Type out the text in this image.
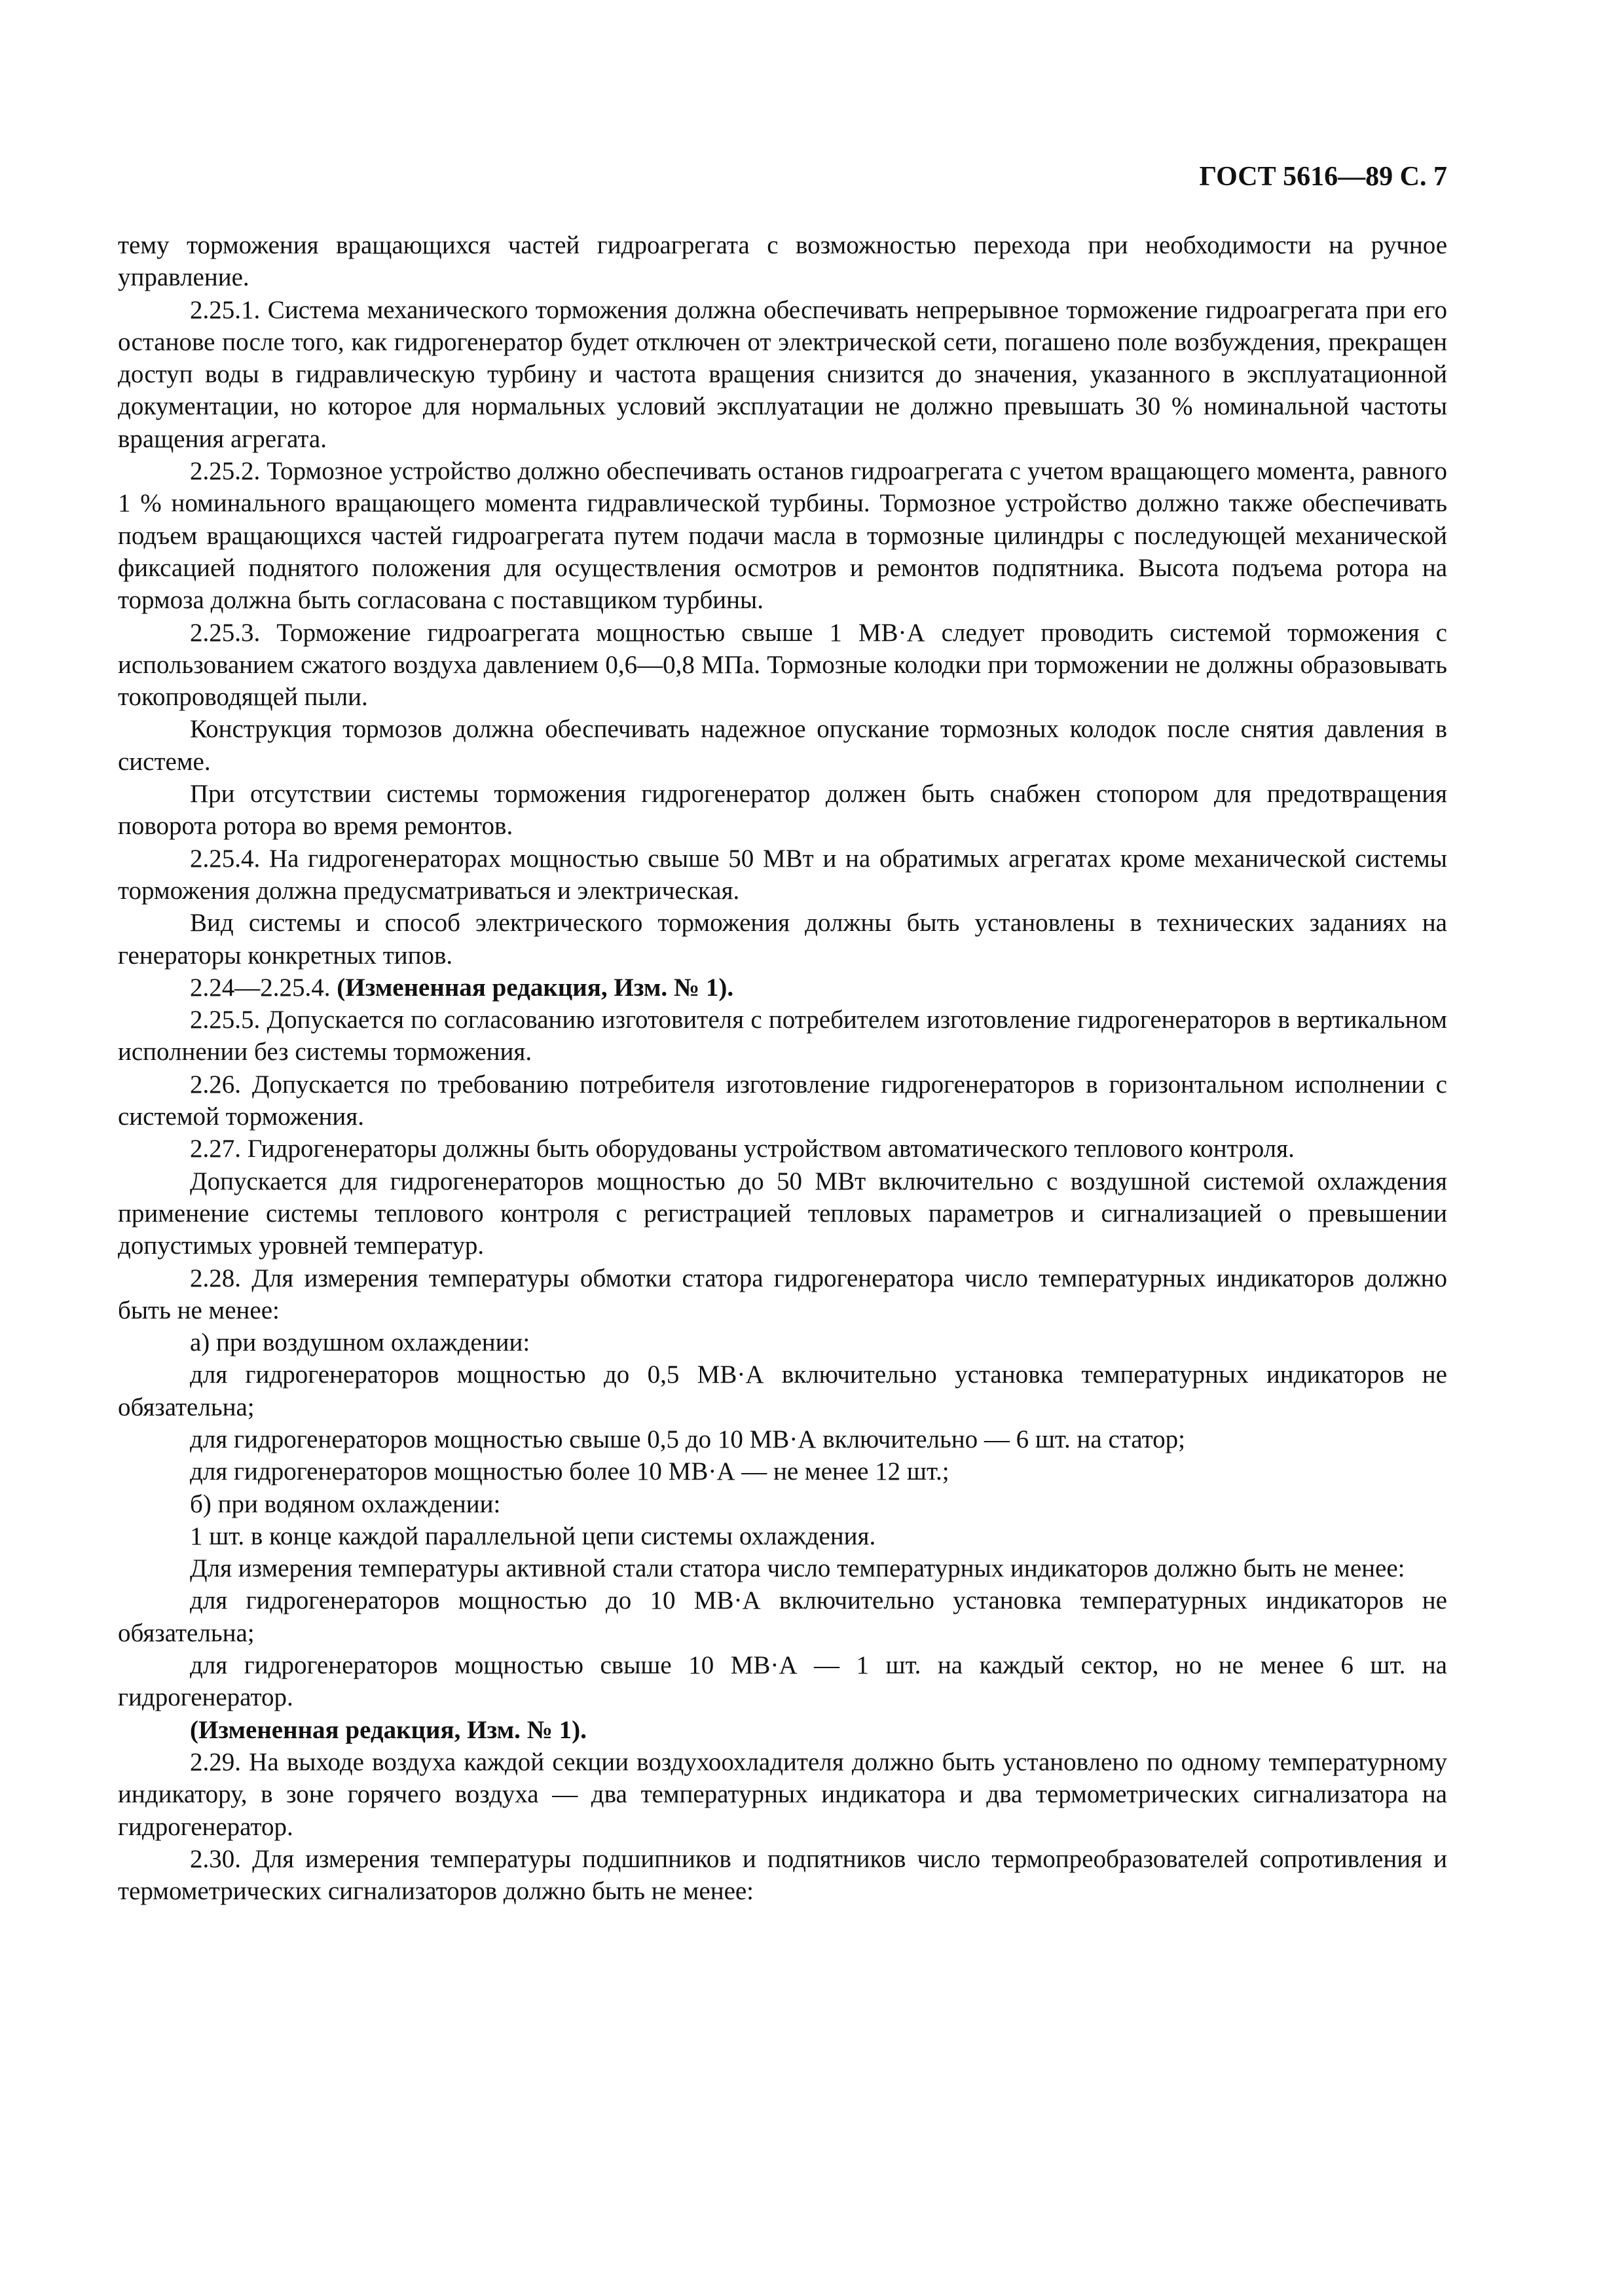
ГОСТ 5616—89 С. 7

тему торможения вращающихся частей гидроагрегата с возможностью перехода при необходимости на ручное управление.

2.25.1. Система механического торможения должна обеспечивать непрерывное торможение гидроагрегата при его останове после того, как гидрогенератор будет отключен от электрической сети, погашено поле возбуждения, прекращен доступ воды в гидравлическую турбину и частота вращения снизится до значения, указанного в эксплуатационной документации, но которое для нормальных условий эксплуатации не должно превышать 30 % номинальной частоты вращения агрегата.

2.25.2. Тормозное устройство должно обеспечивать останов гидроагрегата с учетом вращающего момента, равного 1 % номинального вращающего момента гидравлической турбины. Тормозное устройство должно также обеспечивать подъем вращающихся частей гидроагрегата путем подачи масла в тормозные цилиндры с последующей механической фиксацией поднятого положения для осуществления осмотров и ремонтов подпятника. Высота подъема ротора на тормоза должна быть согласована с поставщиком турбины.

2.25.3. Торможение гидроагрегата мощностью свыше 1 МВ·А следует проводить системой торможения с использованием сжатого воздуха давлением 0,6—0,8 МПа. Тормозные колодки при торможении не должны образовывать токопроводящей пыли.

Конструкция тормозов должна обеспечивать надежное опускание тормозных колодок после снятия давления в системе.

При отсутствии системы торможения гидрогенератор должен быть снабжен стопором для предотвращения поворота ротора во время ремонтов.

2.25.4. На гидрогенераторах мощностью свыше 50 МВт и на обратимых агрегатах кроме механической системы торможения должна предусматриваться и электрическая.

Вид системы и способ электрического торможения должны быть установлены в технических заданиях на генераторы конкретных типов.

2.24—2.25.4. (Измененная редакция, Изм. № 1).

2.25.5. Допускается по согласованию изготовителя с потребителем изготовление гидрогенераторов в вертикальном исполнении без системы торможения.

2.26. Допускается по требованию потребителя изготовление гидрогенераторов в горизонтальном исполнении с системой торможения.

2.27. Гидрогенераторы должны быть оборудованы устройством автоматического теплового контроля.

Допускается для гидрогенераторов мощностью до 50 МВт включительно с воздушной системой охлаждения применение системы теплового контроля с регистрацией тепловых параметров и сигнализацией о превышении допустимых уровней температур.

2.28. Для измерения температуры обмотки статора гидрогенератора число температурных индикаторов должно быть не менее:

а) при воздушном охлаждении:

для гидрогенераторов мощностью до 0,5 МВ·А включительно установка температурных индикаторов не обязательна;

для гидрогенераторов мощностью свыше 0,5 до 10 МВ·А включительно — 6 шт. на статор;

для гидрогенераторов мощностью более 10 МВ·А — не менее 12 шт.;

б) при водяном охлаждении:

1 шт. в конце каждой параллельной цепи системы охлаждения.

Для измерения температуры активной стали статора число температурных индикаторов должно быть не менее:

для гидрогенераторов мощностью до 10 МВ·А включительно установка температурных индикаторов не обязательна;

для гидрогенераторов мощностью свыше 10 МВ·А — 1 шт. на каждый сектор, но не менее 6 шт. на гидрогенератор.

(Измененная редакция, Изм. № 1).

2.29. На выходе воздуха каждой секции воздухоохладителя должно быть установлено по одному температурному индикатору, в зоне горячего воздуха — два температурных индикатора и два термометрических сигнализатора на гидрогенератор.

2.30. Для измерения температуры подшипников и подпятников число термопреобразователей сопротивления и термометрических сигнализаторов должно быть не менее:
